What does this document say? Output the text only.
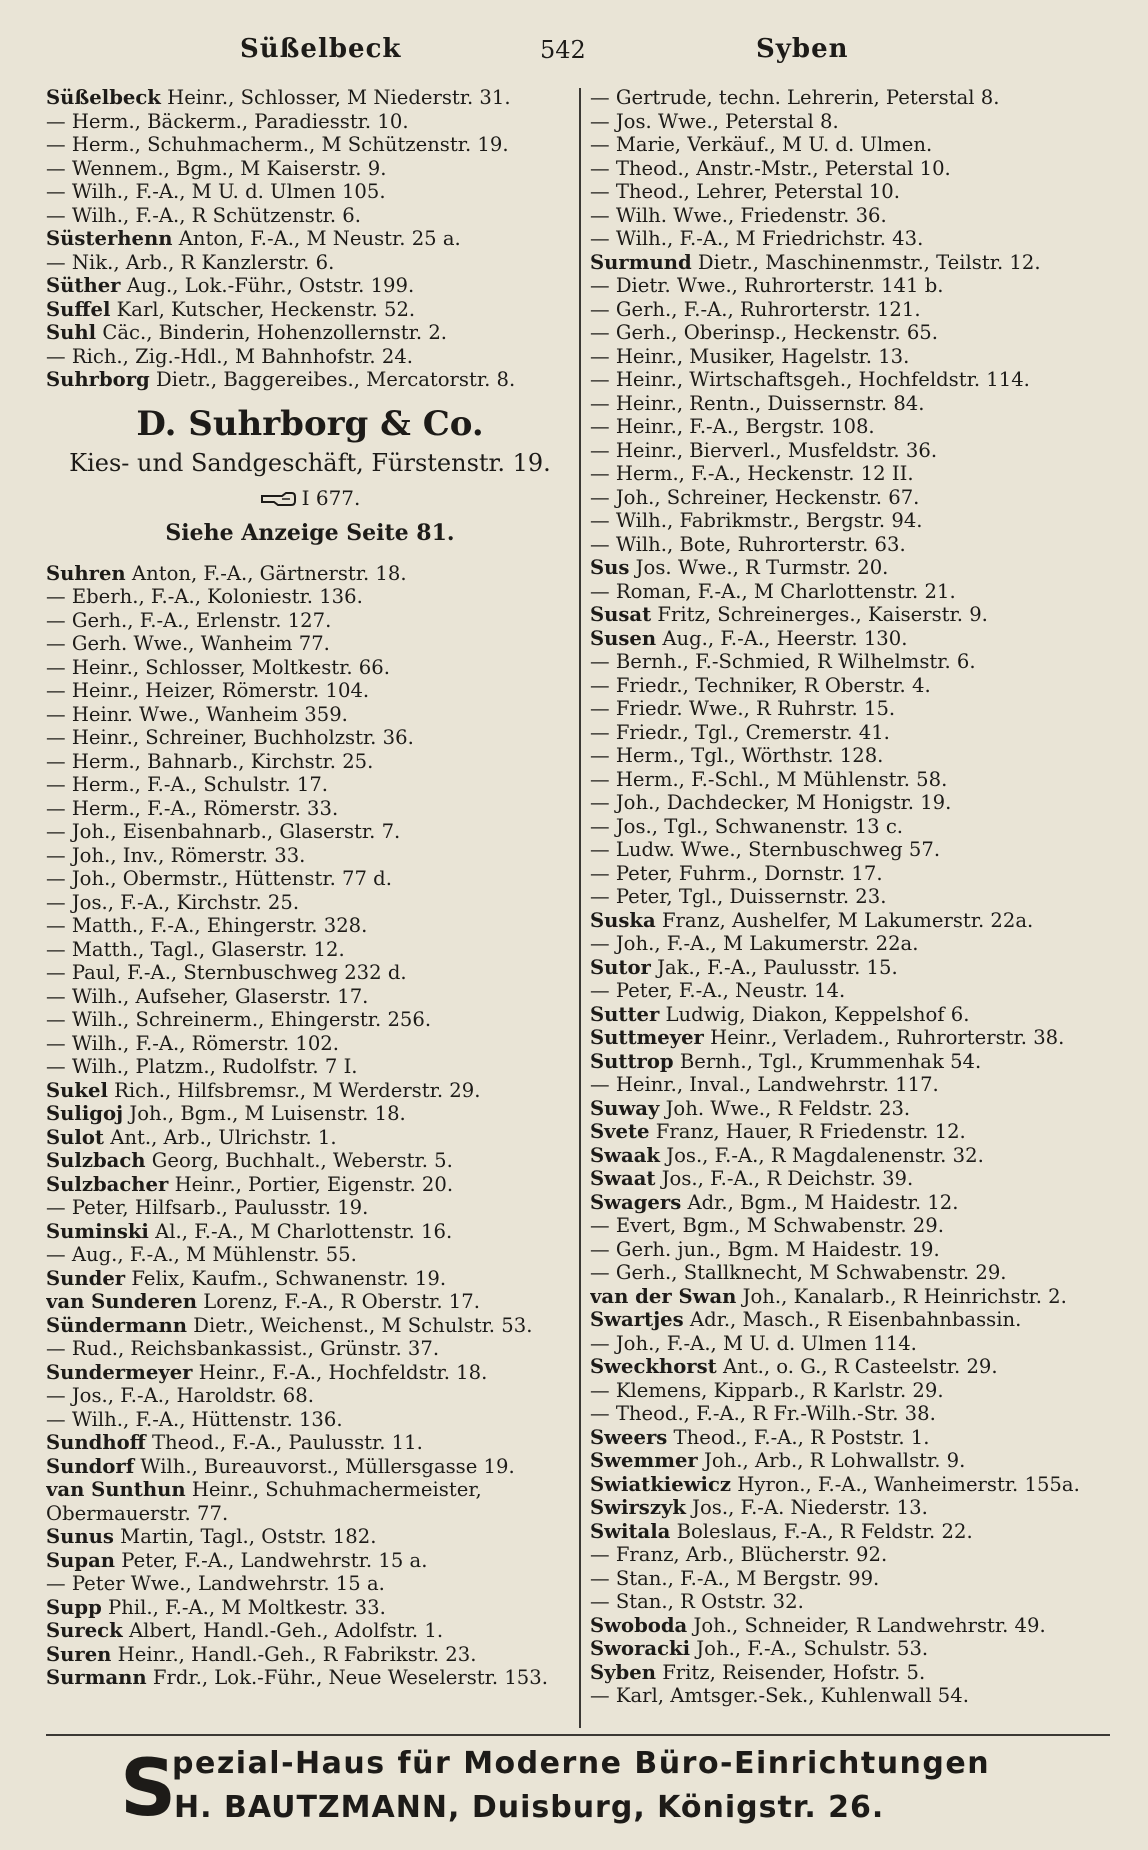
Süßelbeck	542	Syben
Süßelbeck Heinr., Schlosser, M Niederstr. 31.
— Herm., Bäckerm., Paradiesstr. 10.
— Herm., Schuhmacherm., M Schützenstr. 19.
— Wennem., Bgm., M Kaiserstr. 9.
— Wilh., F.-A., M U. d. Ulmen 105.
— Wilh., F.-A., R Schützenstr. 6.
Süsterhenn Anton, F.-A., M Neustr. 25 a.
— Nik., Arb., R Kanzlerstr. 6.
Süther Aug., Lok.-Führ., Oststr. 199.
Suffel Karl, Kutscher, Heckenstr. 52.
Suhl Cäc., Binderin, Hohenzollernstr. 2.
— Rich., Zig.-Hdl., M Bahnhofstr. 24.
Suhrborg Dietr., Baggereibes., Mercatorstr. 8.
D. Suhrborg & Co.
Kies- und Sandgeschäft, Fürstenstr. 19.
I 677.
Siehe Anzeige Seite 81.
Suhren Anton, F.-A., Gärtnerstr. 18.
— Eberh., F.-A., Koloniestr. 136.
— Gerh., F.-A., Erlenstr. 127.
— Gerh. Wwe., Wanheim 77.
— Heinr., Schlosser, Moltkestr. 66.
— Heinr., Heizer, Römerstr. 104.
— Heinr. Wwe., Wanheim 359.
— Heinr., Schreiner, Buchholzstr. 36.
— Herm., Bahnarb., Kirchstr. 25.
— Herm., F.-A., Schulstr. 17.
— Herm., F.-A., Römerstr. 33.
— Joh., Eisenbahnarb., Glaserstr. 7.
— Joh., Inv., Römerstr. 33.
— Joh., Obermstr., Hüttenstr. 77 d.
— Jos., F.-A., Kirchstr. 25.
— Matth., F.-A., Ehingerstr. 328.
— Matth., Tagl., Glaserstr. 12.
— Paul, F.-A., Sternbuschweg 232 d.
— Wilh., Aufseher, Glaserstr. 17.
— Wilh., Schreinerm., Ehingerstr. 256.
— Wilh., F.-A., Römerstr. 102.
— Wilh., Platzm., Rudolfstr. 7 I.
Sukel Rich., Hilfsbremsr., M Werderstr. 29.
Suligoj Joh., Bgm., M Luisenstr. 18.
Sulot Ant., Arb., Ulrichstr. 1.
Sulzbach Georg, Buchhalt., Weberstr. 5.
Sulzbacher Heinr., Portier, Eigenstr. 20.
— Peter, Hilfsarb., Paulusstr. 19.
Suminski Al., F.-A., M Charlottenstr. 16.
— Aug., F.-A., M Mühlenstr. 55.
Sunder Felix, Kaufm., Schwanenstr. 19.
van Sunderen Lorenz, F.-A., R Oberstr. 17.
Sündermann Dietr., Weichenst., M Schulstr. 53.
— Rud., Reichsbankassist., Grünstr. 37.
Sundermeyer Heinr., F.-A., Hochfeldstr. 18.
— Jos., F.-A., Haroldstr. 68.
— Wilh., F.-A., Hüttenstr. 136.
Sundhoff Theod., F.-A., Paulusstr. 11.
Sundorf Wilh., Bureauvorst., Müllersgasse 19.
van Sunthun Heinr., Schuhmachermeister, Obermauerstr. 77.
Sunus Martin, Tagl., Oststr. 182.
Supan Peter, F.-A., Landwehrstr. 15 a.
— Peter Wwe., Landwehrstr. 15 a.
Supp Phil., F.-A., M Moltkestr. 33.
Sureck Albert, Handl.-Geh., Adolfstr. 1.
Suren Heinr., Handl.-Geh., R Fabrikstr. 23.
Surmann Frdr., Lok.-Führ., Neue Weselerstr. 153.
— Gertrude, techn. Lehrerin, Peterstal 8.
— Jos. Wwe., Peterstal 8.
— Marie, Verkäuf., M U. d. Ulmen.
— Theod., Anstr.-Mstr., Peterstal 10.
— Theod., Lehrer, Peterstal 10.
— Wilh. Wwe., Friedenstr. 36.
— Wilh., F.-A., M Friedrichstr. 43.
Surmund Dietr., Maschinenmstr., Teilstr. 12.
— Dietr. Wwe., Ruhrorterstr. 141 b.
— Gerh., F.-A., Ruhrorterstr. 121.
— Gerh., Oberinsp., Heckenstr. 65.
— Heinr., Musiker, Hagelstr. 13.
— Heinr., Wirtschaftsgeh., Hochfeldstr. 114.
— Heinr., Rentn., Duissernstr. 84.
— Heinr., F.-A., Bergstr. 108.
— Heinr., Bierverl., Musfeldstr. 36.
— Herm., F.-A., Heckenstr. 12 II.
— Joh., Schreiner, Heckenstr. 67.
— Wilh., Fabrikmstr., Bergstr. 94.
— Wilh., Bote, Ruhrorterstr. 63.
Sus Jos. Wwe., R Turmstr. 20.
— Roman, F.-A., M Charlottenstr. 21.
Susat Fritz, Schreinerges., Kaiserstr. 9.
Susen Aug., F.-A., Heerstr. 130.
— Bernh., F.-Schmied, R Wilhelmstr. 6.
— Friedr., Techniker, R Oberstr. 4.
— Friedr. Wwe., R Ruhrstr. 15.
— Friedr., Tgl., Cremerstr. 41.
— Herm., Tgl., Wörthstr. 128.
— Herm., F.-Schl., M Mühlenstr. 58.
— Joh., Dachdecker, M Honigstr. 19.
— Jos., Tgl., Schwanenstr. 13 c.
— Ludw. Wwe., Sternbuschweg 57.
— Peter, Fuhrm., Dornstr. 17.
— Peter, Tgl., Duissernstr. 23.
Suska Franz, Aushelfer, M Lakumerstr. 22a.
— Joh., F.-A., M Lakumerstr. 22a.
Sutor Jak., F.-A., Paulusstr. 15.
— Peter, F.-A., Neustr. 14.
Sutter Ludwig, Diakon, Keppelshof 6.
Suttmeyer Heinr., Verladem., Ruhrorterstr. 38.
Suttrop Bernh., Tgl., Krummenhak 54.
— Heinr., Inval., Landwehrstr. 117.
Suway Joh. Wwe., R Feldstr. 23.
Svete Franz, Hauer, R Friedenstr. 12.
Swaak Jos., F.-A., R Magdalenenstr. 32.
Swaat Jos., F.-A., R Deichstr. 39.
Swagers Adr., Bgm., M Haidestr. 12.
— Evert, Bgm., M Schwabenstr. 29.
— Gerh. jun., Bgm. M Haidestr. 19.
— Gerh., Stallknecht, M Schwabenstr. 29.
van der Swan Joh., Kanalarb., R Heinrichstr. 2.
Swartjes Adr., Masch., R Eisenbahnbassin.
— Joh., F.-A., M U. d. Ulmen 114.
Sweckhorst Ant., o. G., R Casteelstr. 29.
— Klemens, Kipparb., R Karlstr. 29.
— Theod., F.-A., R Fr.-Wilh.-Str. 38.
Sweers Theod., F.-A., R Poststr. 1.
Swemmer Joh., Arb., R Lohwallstr. 9.
Swiatkiewicz Hyron., F.-A., Wanheimerstr. 155a.
Swirszyk Jos., F.-A. Niederstr. 13.
Switala Boleslaus, F.-A., R Feldstr. 22.
— Franz, Arb., Blücherstr. 92.
— Stan., F.-A., M Bergstr. 99.
— Stan., R Oststr. 32.
Swoboda Joh., Schneider, R Landwehrstr. 49.
Sworacki Joh., F.-A., Schulstr. 53.
Syben Fritz, Reisender, Hofstr. 5.
— Karl, Amtsger.-Sek., Kuhlenwall 54.
S
pezial-Haus für Moderne Büro-Einrichtungen
H. BAUTZMANN, Duisburg, Königstr. 26.
